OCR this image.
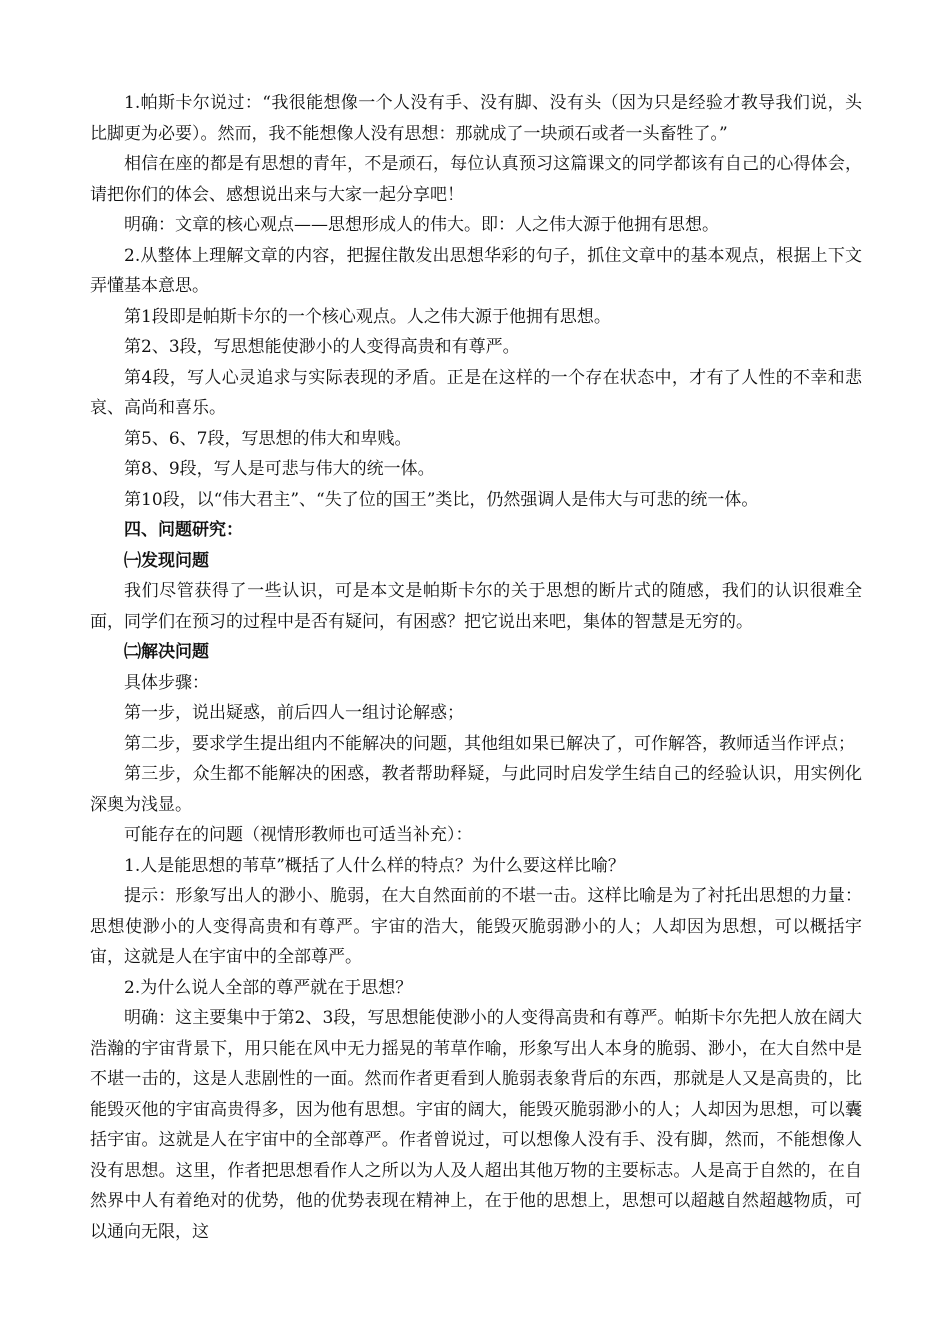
1.帕斯卡尔说过：“我很能想像一个人没有手、没有脚、没有头（因为只是经验才教导我们说，头比脚更为必要）。然而，我不能想像人没有思想：那就成了一块顽石或者一头畜牲了。”

相信在座的都是有思想的青年，不是顽石，每位认真预习这篇课文的同学都该有自己的心得体会，请把你们的体会、感想说出来与大家一起分享吧！

明确：文章的核心观点——思想形成人的伟大。即：人之伟大源于他拥有思想。

2.从整体上理解文章的内容，把握住散发出思想华彩的句子，抓住文章中的基本观点，根据上下文弄懂基本意思。

第1段即是帕斯卡尔的一个核心观点。人之伟大源于他拥有思想。

第2、3段，写思想能使渺小的人变得高贵和有尊严。

第4段，写人心灵追求与实际表现的矛盾。正是在这样的一个存在状态中，才有了人性的不幸和悲哀、高尚和喜乐。

第5、6、7段，写思想的伟大和卑贱。

第8、9段，写人是可悲与伟大的统一体。

第10段，以“伟大君主”、“失了位的国王”类比，仍然强调人是伟大与可悲的统一体。

四、问题研究：

㈠发现问题

我们尽管获得了一些认识，可是本文是帕斯卡尔的关于思想的断片式的随感，我们的认识很难全面，同学们在预习的过程中是否有疑问，有困惑？把它说出来吧，集体的智慧是无穷的。

㈡解决问题

具体步骤：

第一步，说出疑惑，前后四人一组讨论解惑；

第二步，要求学生提出组内不能解决的问题，其他组如果已解决了，可作解答，教师适当作评点；

第三步，众生都不能解决的困惑，教者帮助释疑，与此同时启发学生结自己的经验认识，用实例化深奥为浅显。

可能存在的问题（视情形教师也可适当补充）：

1.人是能思想的苇草”概括了人什么样的特点？为什么要这样比喻？

提示：形象写出人的渺小、脆弱，在大自然面前的不堪一击。这样比喻是为了衬托出思想的力量：思想使渺小的人变得高贵和有尊严。宇宙的浩大，能毁灭脆弱渺小的人；人却因为思想，可以概括宇宙，这就是人在宇宙中的全部尊严。

2.为什么说人全部的尊严就在于思想？

明确：这主要集中于第2、3段，写思想能使渺小的人变得高贵和有尊严。帕斯卡尔先把人放在阔大浩瀚的宇宙背景下，用只能在风中无力摇晃的苇草作喻，形象写出人本身的脆弱、渺小，在大自然中是不堪一击的，这是人悲剧性的一面。然而作者更看到人脆弱表象背后的东西，那就是人又是高贵的，比能毁灭他的宇宙高贵得多，因为他有思想。宇宙的阔大，能毁灭脆弱渺小的人；人却因为思想，可以囊括宇宙。这就是人在宇宙中的全部尊严。作者曾说过，可以想像人没有手、没有脚，然而，不能想像人没有思想。这里，作者把思想看作人之所以为人及人超出其他万物的主要标志。人是高于自然的，在自然界中人有着绝对的优势，他的优势表现在精神上，在于他的思想上，思想可以超越自然超越物质，可以通向无限，这
